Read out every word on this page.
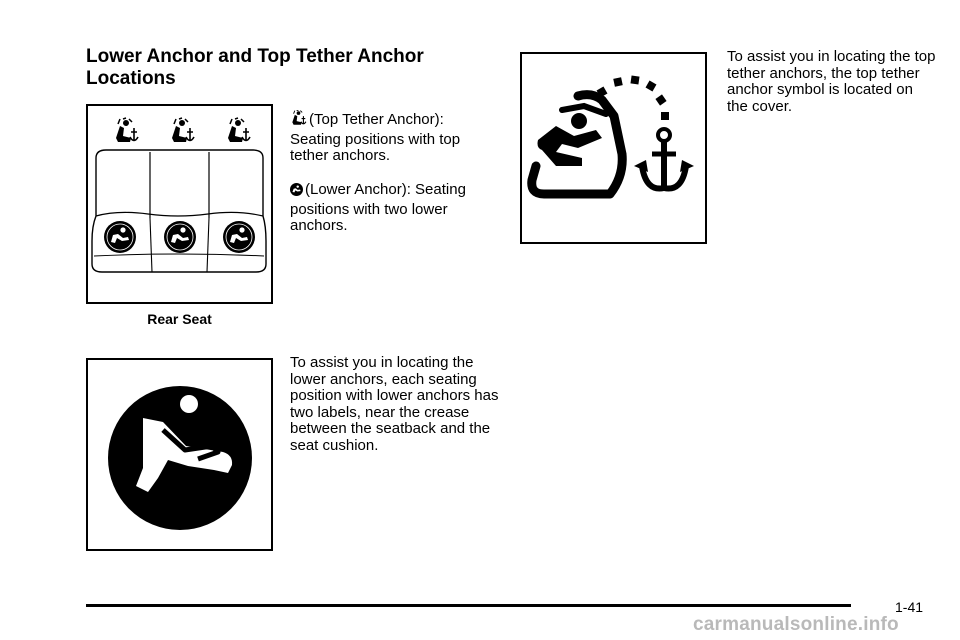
Lower Anchor and Top Tether Anchor
Locations
Rear Seat

(Top Tether Anchor):

Seating positions with top tether anchors.

(Lower Anchor): Seating

positions with two lower anchors.

To assist you in locating the lower anchors, each seating position with lower anchors has two labels, near the crease between the seatback and the seat cushion.
To assist you in locating the top tether anchors, the top tether anchor symbol is located on the cover.
1-41
carmanualsonline.info
